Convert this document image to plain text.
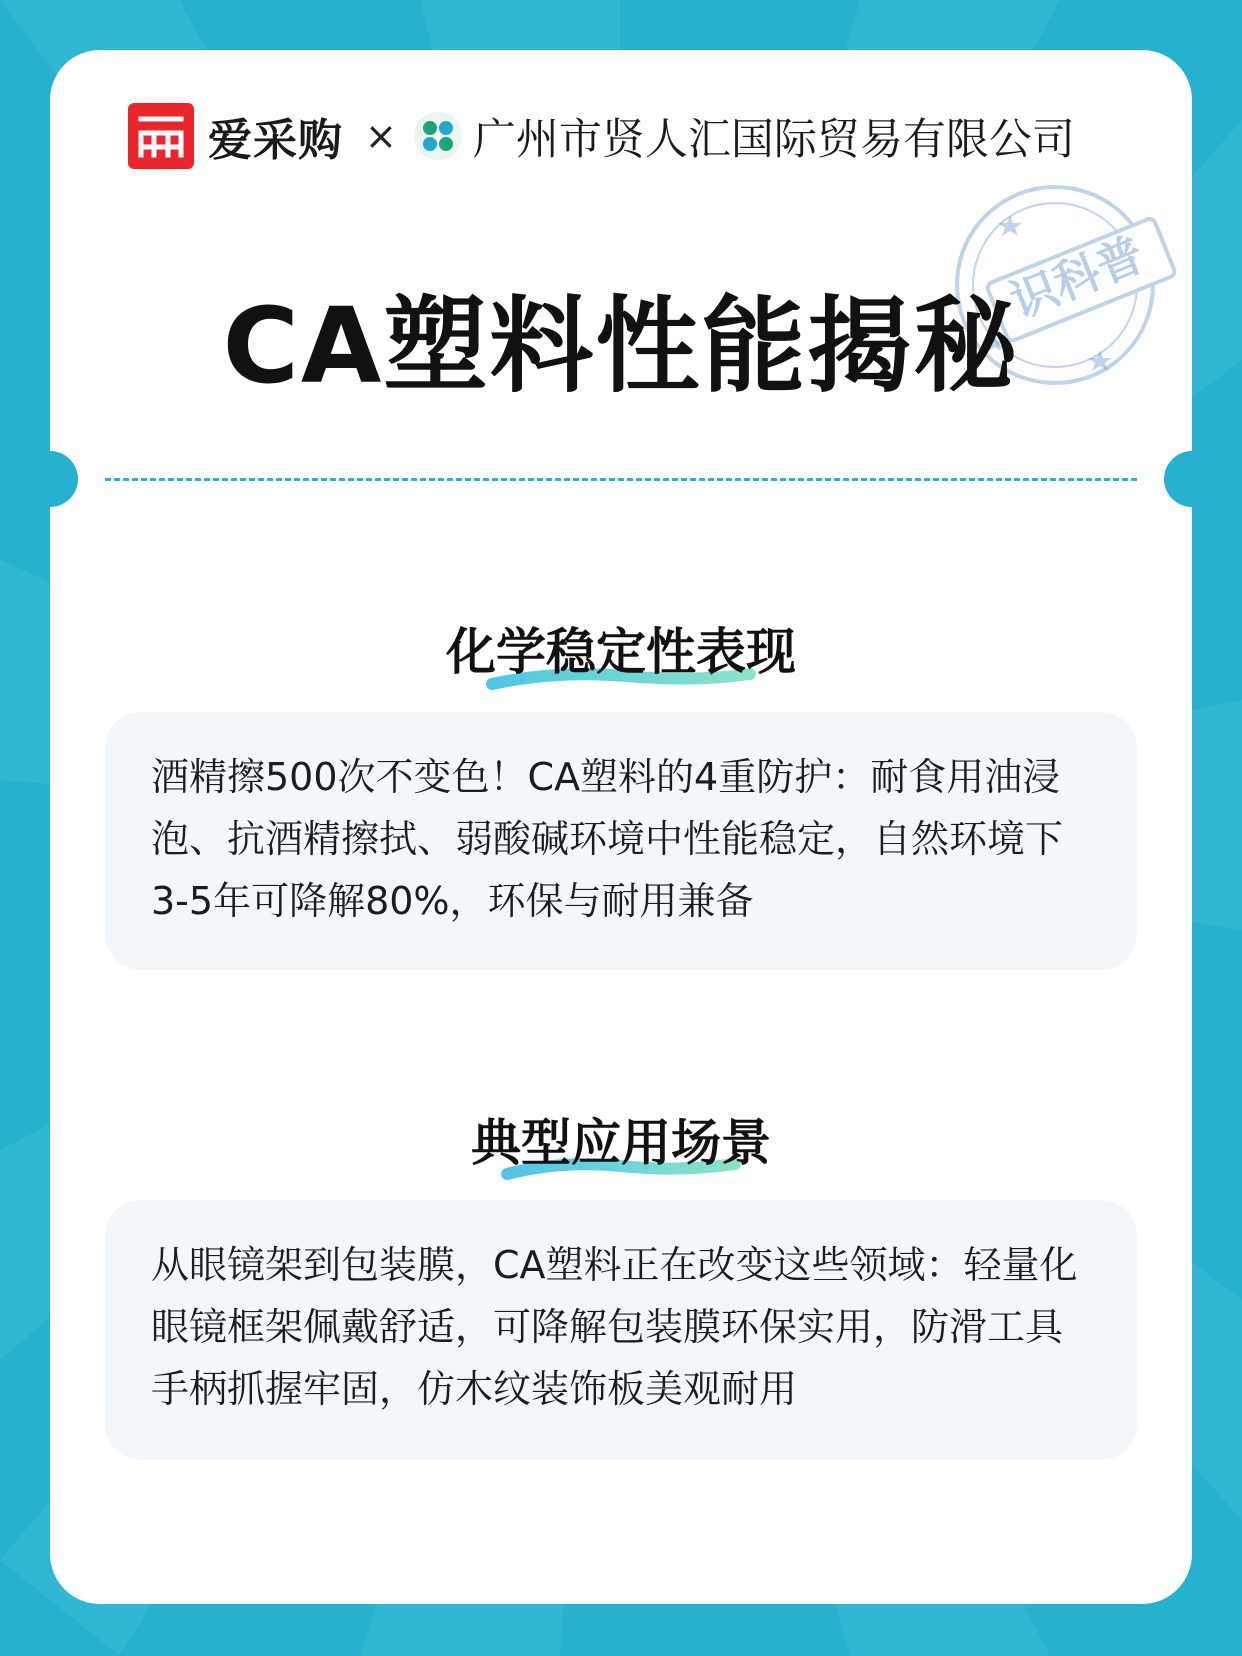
爱采购 × 广州市贤人汇国际贸易有限公司
识科普
CA塑料性能揭秘
化学稳定性表现

酒精擦500次不变色！CA塑料的4重防护：耐食用油浸泡、抗酒精擦拭、弱酸碱环境中性能稳定，自然环境下3-5年可降解80%，环保与耐用兼备

典型应用场景

从眼镜架到包装膜，CA塑料正在改变这些领域：轻量化眼镜框架佩戴舒适，可降解包装膜环保实用，防滑工具手柄抓握牢固，仿木纹装饰板美观耐用
